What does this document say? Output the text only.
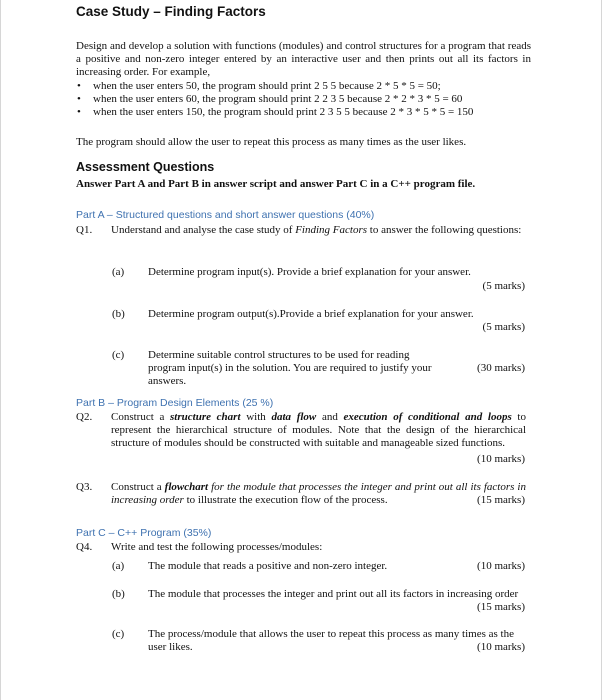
Case Study – Finding Factors
Design and develop a solution with functions (modules) and control structures for a program that reads a positive and non-zero integer entered by an interactive user and then prints out all its factors in increasing order. For example,
• when the user enters 50, the program should print 2 5 5 because 2 * 5 * 5 = 50;
• when the user enters 60, the program should print 2 2 3 5 because 2 * 2 * 3 * 5 = 60
• when the user enters 150, the program should print 2 3 5 5 because 2 * 3 * 5 * 5 = 150
The program should allow the user to repeat this process as many times as the user likes.
Assessment Questions
Answer Part A and Part B in answer script and answer Part C in a C++ program file.
Part A – Structured questions and short answer questions (40%)
Q1. Understand and analyse the case study of Finding Factors to answer the following questions:
(a) Determine program input(s). Provide a brief explanation for your answer.
(5 marks)
(b) Determine program output(s).Provide a brief explanation for your answer.
(5 marks)
(c) Determine suitable control structures to be used for reading program input(s) in the solution. You are required to justify your answers.
(30 marks)
Part B – Program Design Elements (25 %)
Q2. Construct a structure chart with data flow and execution of conditional and loops to represent the hierarchical structure of modules. Note that the design of the hierarchical structure of modules should be constructed with suitable and manageable sized functions.
(10 marks)
Q3. Construct a flowchart for the module that processes the integer and print out all its factors in increasing order to illustrate the execution flow of the process.	(15 marks)
Part C – C++ Program (35%)
Q4. Write and test the following processes/modules:
(a) The module that reads a positive and non-zero integer.	(10 marks)
(b) The module that processes the integer and print out all its factors in increasing order
(15 marks)
(c) The process/module that allows the user to repeat this process as many times as the user likes.	(10 marks)
